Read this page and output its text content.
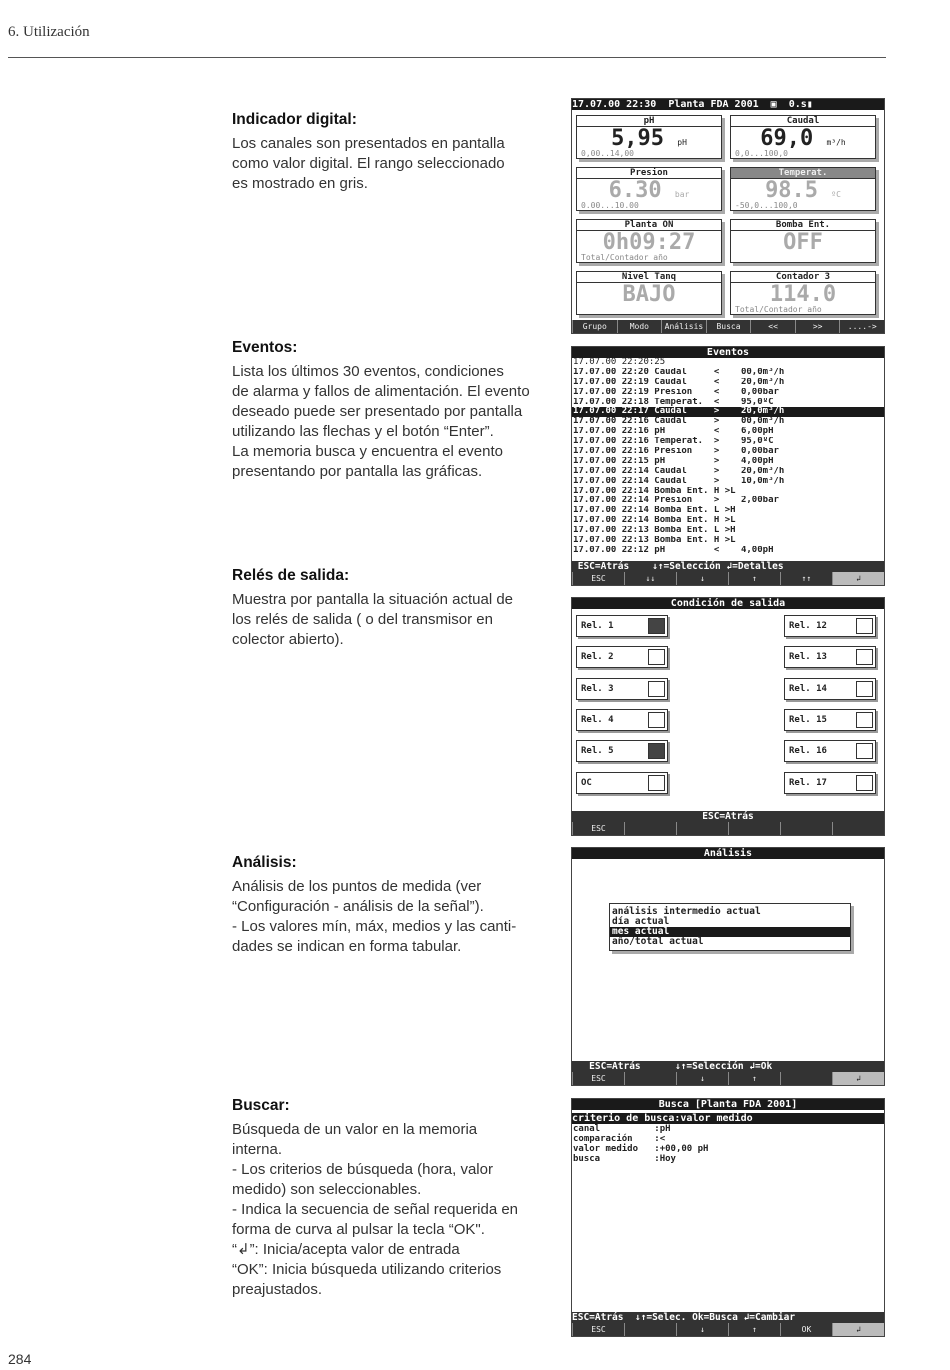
6. Utilización
Indicador digital:

Los canales son presentados en pantalla
como valor digital. El rango seleccionado
es mostrado en gris.

Eventos:

Lista los últimos 30 eventos, condiciones
de alarma y fallos de alimentación. El evento
deseado puede ser presentado por pantalla
utilizando las flechas y el botón “Enter”.
La memoria busca y encuentra el evento
presentando por pantalla las gráficas.

Relés de salida:

Muestra por pantalla la situación actual de
los relés de salida ( o del transmisor en
colector abierto).

Análisis:

Análisis de los puntos de medida (ver
“Configuración - análisis de la señal”).
- Los valores mín, máx, medios y las canti-
dades se indican en forma tabular.

Buscar:

Búsqueda de un valor en la memoria
interna.
- Los criterios de búsqueda (hora, valor
medido) son seleccionables.
- Indica la secuencia de señal requerida en
forma de curva al pulsar la tecla “OK".
“↲”: Inicia/acepta valor de entrada
“OK”: Inicia búsqueda utilizando criterios
preajustados.

17.07.00 22:30  Planta FDA 2001  ▣  0.s▮
pH
5,95 pH
0,00..14,00
Caudal
69,0 m³/h
0,0...100,0
Presion
6.30 bar
0.00...10.00
Temperat.
98.5 ºC
-50,0...100,0
Planta ON
0h09:27
Total/Contador año
Bomba Ent.
OFF
Nivel Tanq
BAJO
Contador 3
114.0
Total/Contador año
Grupo	Modo	Análisis	Busca	<<	>>	....->
Eventos
17.07.00 22:20:25
17.07.00 22:20 Caudal     <    00,0m³/h
17.07.00 22:19 Caudal     <    20,0m³/h
17.07.00 22:19 Presion    <    0,00bar
17.07.00 22:18 Temperat.  <    95,0ºC
17.07.00 22:17 Caudal     >    20,0m³/h
17.07.00 22:16 Caudal     >    00,0m³/h
17.07.00 22:16 pH         <    6,00pH
17.07.00 22:16 Temperat.  >    95,0ºC
17.07.00 22:16 Presion    >    0,00bar
17.07.00 22:15 pH         >    4,00pH
17.07.00 22:14 Caudal     >    20,0m³/h
17.07.00 22:14 Caudal     >    10,0m³/h
17.07.00 22:14 Bomba Ent. H >L
17.07.00 22:14 Presion    >    2,00bar
17.07.00 22:14 Bomba Ent. L >H
17.07.00 22:14 Bomba Ent. H >L
17.07.00 22:13 Bomba Ent. L >H
17.07.00 22:13 Bomba Ent. H >L
17.07.00 22:12 pH         <    4,00pH
ESC=Atrás    ↓↑=Selección ↲=Detalles
ESC	↓↓	↓	↑	↑↑	↲
Condición de salida
Rel. 1
Rel. 2
Rel. 3
Rel. 4
Rel. 5
OC
Rel. 12
Rel. 13
Rel. 14
Rel. 15
Rel. 16
Rel. 17
ESC=Atrás
ESC
Análisis
análisis intermedio actual
día actual
mes actual
año/total actual
ESC=Atrás      ↓↑=Selección ↲=Ok
ESC	↓	↑	↲
Busca [Planta FDA 2001]
criterio de busca:valor medido
canal          :pH
comparación    :<
valor medido   :+00,00 pH
busca          :Hoy
ESC=Atrás  ↓↑=Selec. Ok=Busca ↲=Cambiar
ESC	↓	↑	OK	↲
284
